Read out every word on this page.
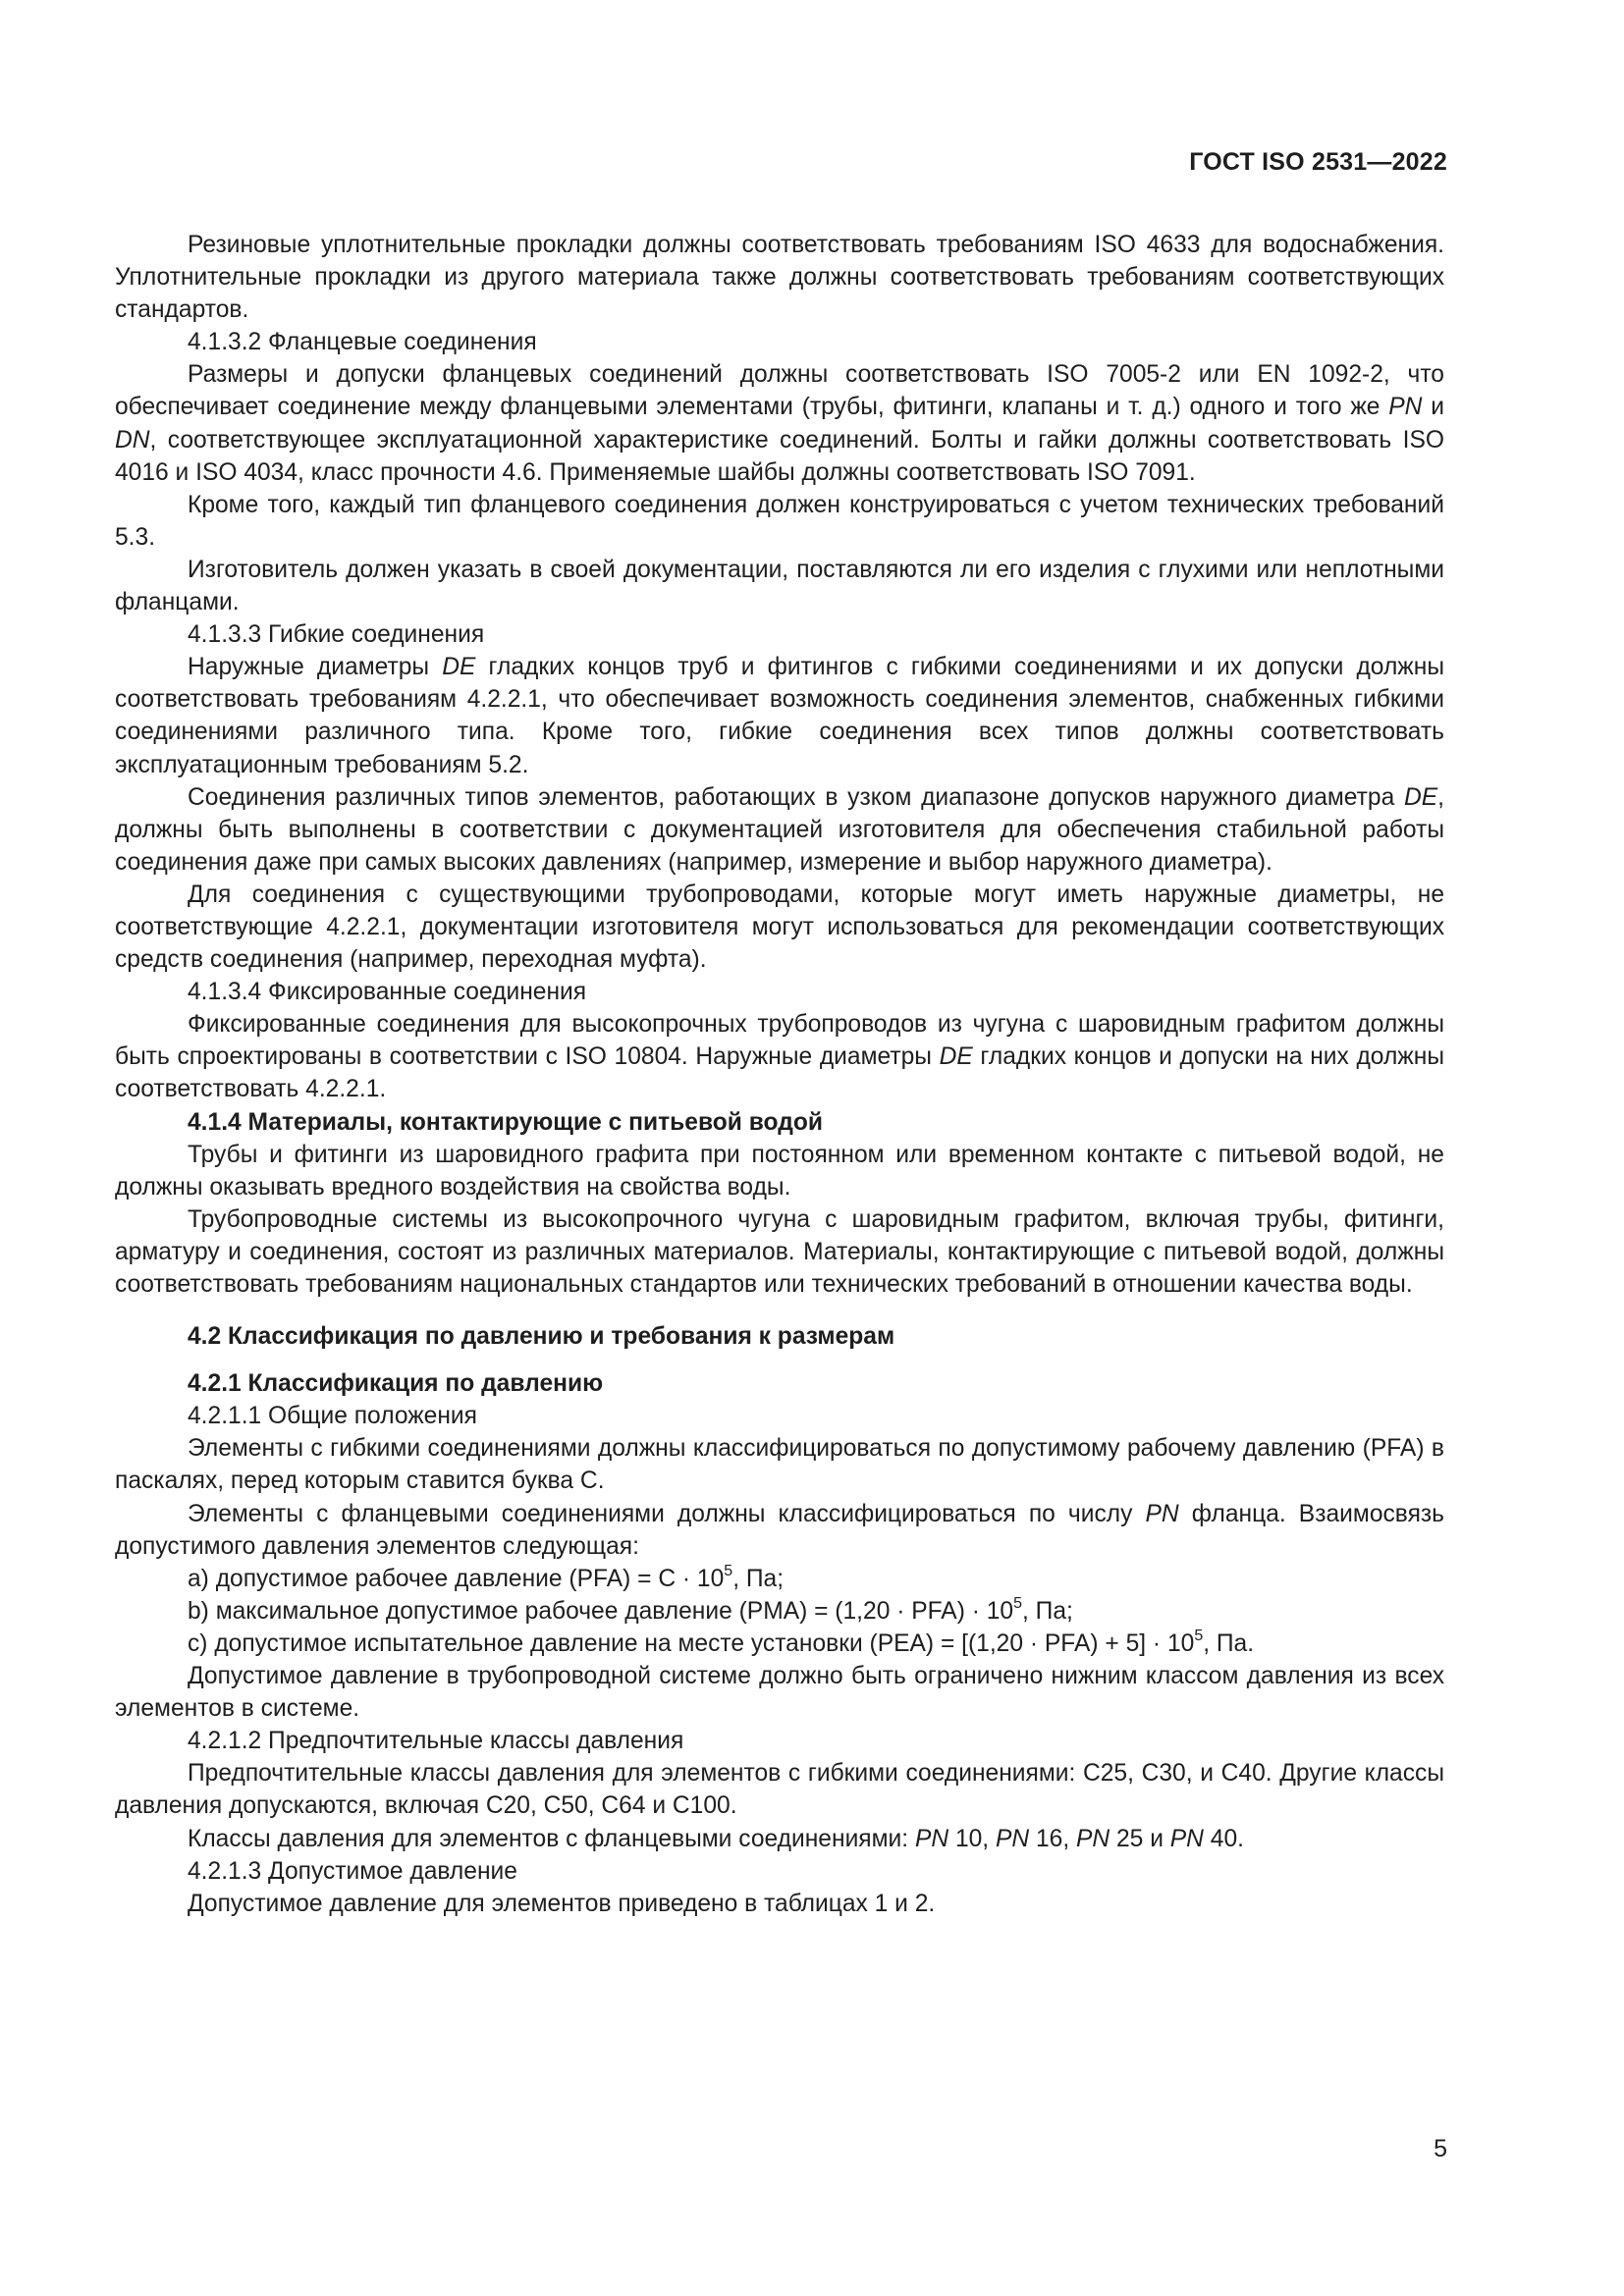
ГОСТ ISO 2531—2022

Резиновые уплотнительные прокладки должны соответствовать требованиям ISO 4633 для водоснабжения. Уплотнительные прокладки из другого материала также должны соответствовать требованиям соответствующих стандартов.

4.1.3.2 Фланцевые соединения

Размеры и допуски фланцевых соединений должны соответствовать ISO 7005-2 или EN 1092-2, что обеспечивает соединение между фланцевыми элементами (трубы, фитинги, клапаны и т. д.) одного и того же PN и DN, соответствующее эксплуатационной характеристике соединений. Болты и гайки должны соответствовать ISO 4016 и ISO 4034, класс прочности 4.6. Применяемые шайбы должны соответствовать ISO 7091.

Кроме того, каждый тип фланцевого соединения должен конструироваться с учетом технических требований 5.3.

Изготовитель должен указать в своей документации, поставляются ли его изделия с глухими или неплотными фланцами.

4.1.3.3 Гибкие соединения

Наружные диаметры DE гладких концов труб и фитингов с гибкими соединениями и их допуски должны соответствовать требованиям 4.2.2.1, что обеспечивает возможность соединения элементов, снабженных гибкими соединениями различного типа. Кроме того, гибкие соединения всех типов должны соответствовать эксплуатационным требованиям 5.2.

Соединения различных типов элементов, работающих в узком диапазоне допусков наружного диаметра DE, должны быть выполнены в соответствии с документацией изготовителя для обеспечения стабильной работы соединения даже при самых высоких давлениях (например, измерение и выбор наружного диаметра).

Для соединения с существующими трубопроводами, которые могут иметь наружные диаметры, не соответствующие 4.2.2.1, документации изготовителя могут использоваться для рекомендации соответствующих средств соединения (например, переходная муфта).

4.1.3.4 Фиксированные соединения

Фиксированные соединения для высокопрочных трубопроводов из чугуна с шаровидным графитом должны быть спроектированы в соответствии с ISO 10804. Наружные диаметры DE гладких концов и допуски на них должны соответствовать 4.2.2.1.

4.1.4 Материалы, контактирующие с питьевой водой

Трубы и фитинги из шаровидного графита при постоянном или временном контакте с питьевой водой, не должны оказывать вредного воздействия на свойства воды.

Трубопроводные системы из высокопрочного чугуна с шаровидным графитом, включая трубы, фитинги, арматуру и соединения, состоят из различных материалов. Материалы, контактирующие с питьевой водой, должны соответствовать требованиям национальных стандартов или технических требований в отношении качества воды.

4.2 Классификация по давлению и требования к размерам

4.2.1 Классификация по давлению

4.2.1.1 Общие положения

Элементы с гибкими соединениями должны классифицироваться по допустимому рабочему давлению (PFA) в паскалях, перед которым ставится буква С.

Элементы с фланцевыми соединениями должны классифицироваться по числу PN фланца. Взаимосвязь допустимого давления элементов следующая:

а) допустимое рабочее давление $(PFA) = С \cdot 10^5$, Па;

b) максимальное допустимое рабочее давление $(PMA) = (1,20 \cdot PFA) \cdot 10^5$, Па;

с) допустимое испытательное давление на месте установки $(PEA) = [(1,20 \cdot PFA) + 5] \cdot 10^5$, Па.

Допустимое давление в трубопроводной системе должно быть ограничено нижним классом давления из всех элементов в системе.

4.2.1.2 Предпочтительные классы давления

Предпочтительные классы давления для элементов с гибкими соединениями: C25, C30, и C40. Другие классы давления допускаются, включая C20, C50, C64 и C100.

Классы давления для элементов с фланцевыми соединениями: PN 10, PN 16, PN 25 и PN 40.

4.2.1.3 Допустимое давление

Допустимое давление для элементов приведено в таблицах 1 и 2.

5
